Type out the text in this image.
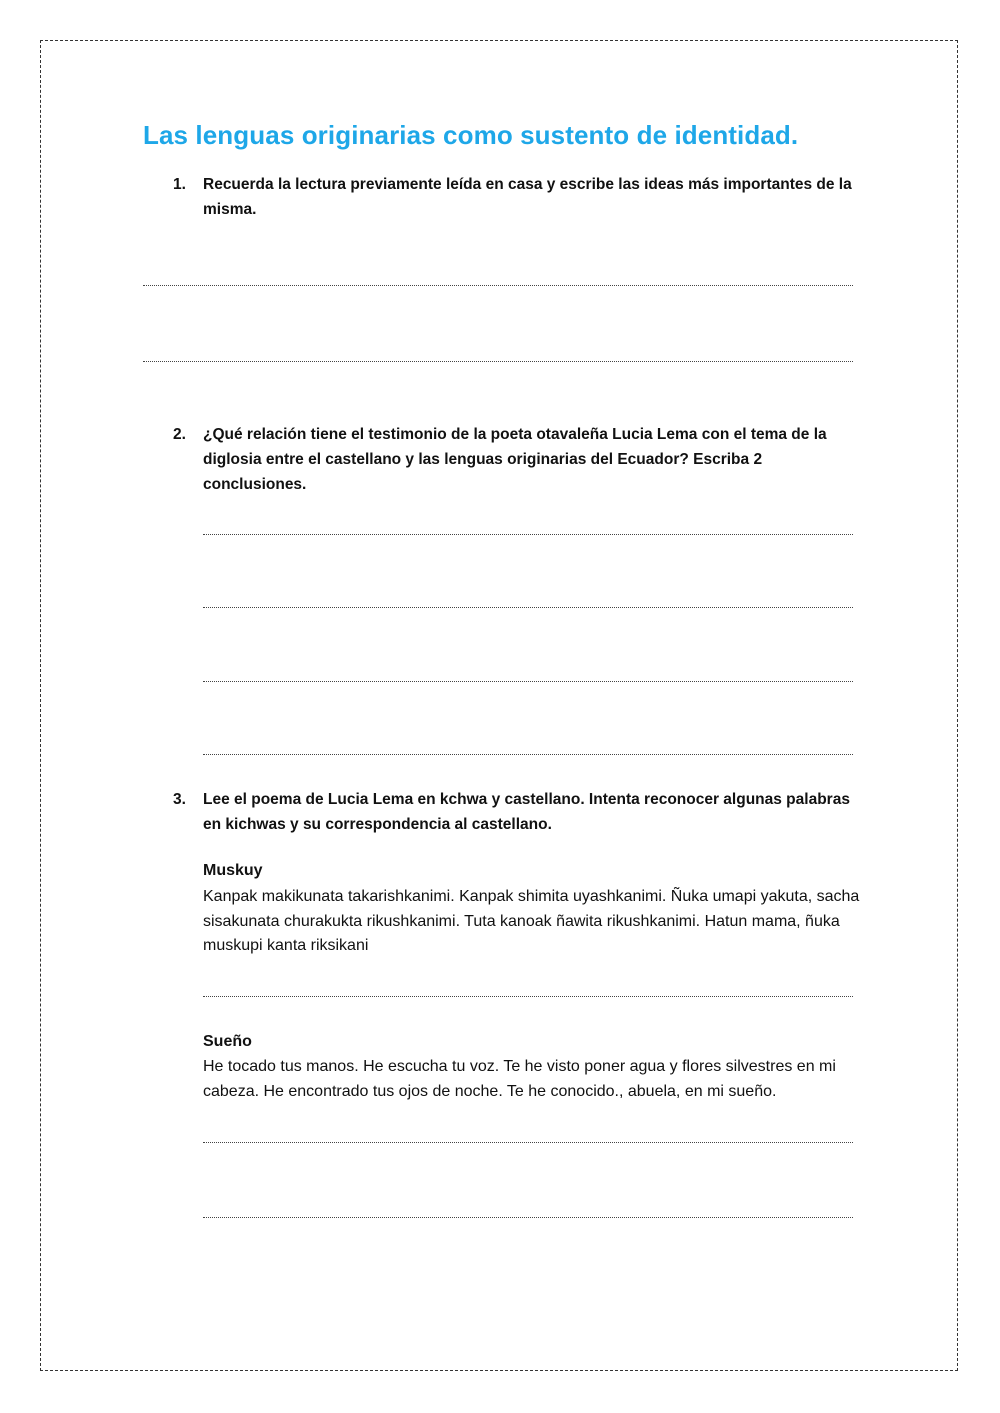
Las lenguas originarias como sustento de identidad.
1. Recuerda la lectura previamente leída en casa y escribe las ideas más importantes de la misma.

2. ¿Qué relación tiene el testimonio de la poeta otavaleña Lucia Lema con el tema de la diglosia entre el castellano y las lenguas originarias del Ecuador? Escriba 2 conclusiones.

3. Lee el poema de Lucia Lema en kchwa y castellano. Intenta reconocer algunas palabras en kichwas y su correspondencia al castellano.

Muskuy

Kanpak makikunata takarishkanimi. Kanpak shimita uyashkanimi. Ñuka umapi yakuta, sacha sisakunata churakukta rikushkanimi. Tuta kanoak ñawita rikushkanimi. Hatun mama, ñuka muskupi kanta riksikani

Sueño

He tocado tus manos. He escucha tu voz. Te he visto poner agua y flores silvestres en mi cabeza. He encontrado tus ojos de noche. Te he conocido., abuela, en mi sueño.
